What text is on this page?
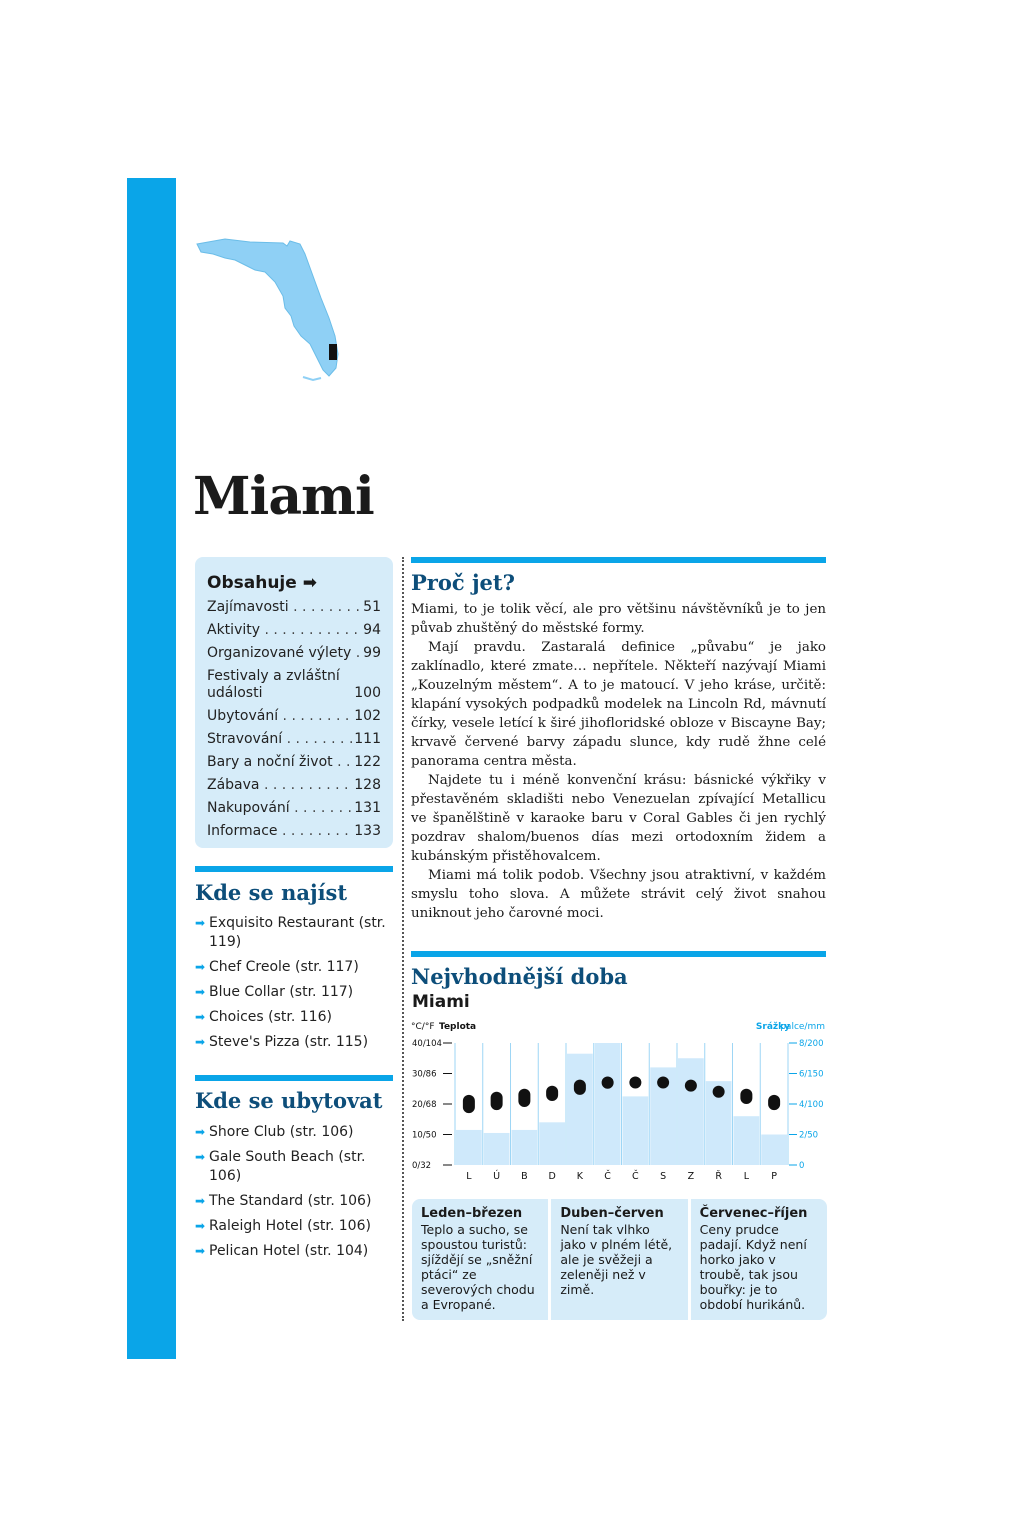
Miami
Obsahuje ➡
Zajímavosti . . .	51
Aktivity . . .	94
Organizované výlety . . . 99
Festivaly a zvláštní události	100
Ubytování . . .	102
Stravování . . .	111
Bary a noční život . . .	122
Zábava . . .	128
Nakupování . . .	131
Informace . . .	133
Kde se najíst
➡ Exquisito Restaurant (str. 119)
➡ Chef Creole (str. 117)
➡ Blue Collar (str. 117)
➡ Choices (str. 116)
➡ Steve's Pizza (str. 115)
Kde se ubytovat
➡ Shore Club (str. 106)
➡ Gale South Beach (str. 106)
➡ The Standard (str. 106)
➡ Raleigh Hotel (str. 106)
➡ Pelican Hotel (str. 104)
Proč jet?

Miami, to je tolik věcí, ale pro většinu návštěvníků je to jen půvab zhuštěný do městské formy.

Mají pravdu. Zastaralá definice „půvabu“ je jako zaklínadlo, které zmate… nepřítele. Někteří nazývají Miami „Kouzelným městem“. A to je matoucí. V jeho kráse, určitě: klapání vysokých podpadků modelek na Lincoln Rd, mávnutí čírky, vesele letící k širé jihofloridské obloze v Biscayne Bay; krvavě červené barvy západu slunce, kdy rudě žhne celé panorama centra města.

Najdete tu i méně konvenční krásu: básnické výkřiky v přestavěném skladišti nebo Venezuelan zpívající Metallicu ve španělštině v karaoke baru v Coral Gables či jen rychlý pozdrav shalom/buenos días mezi ortodoxním židem a kubánským přistěhovalcem.

Miami má tolik podob. Všechny jsou atraktivní, v každém smyslu toho slova. A můžete strávit celý život snahou uniknout jeho čarovné moci.

Nejvhodnější doba
Miami
°C/°F Teplota	Srážky
palce/mm
40/104
30/86
20/68
10/50
0/32
8/200
6/150
4/100
2/50
0
L Ú B D K Č Č S Z Ř L P
Leden–březen
Teplo a sucho, se spoustou turistů: sjíždějí se „sněžní ptáci“ ze severových chodu a Evropané.
Duben–červen
Není tak vlhko jako v plném létě, ale je svěžeji a zeleněji než v zimě.
Červenec–říjen
Ceny prudce padají. Když není horko jako v troubě, tak jsou bouřky: je to období hurikánů.
